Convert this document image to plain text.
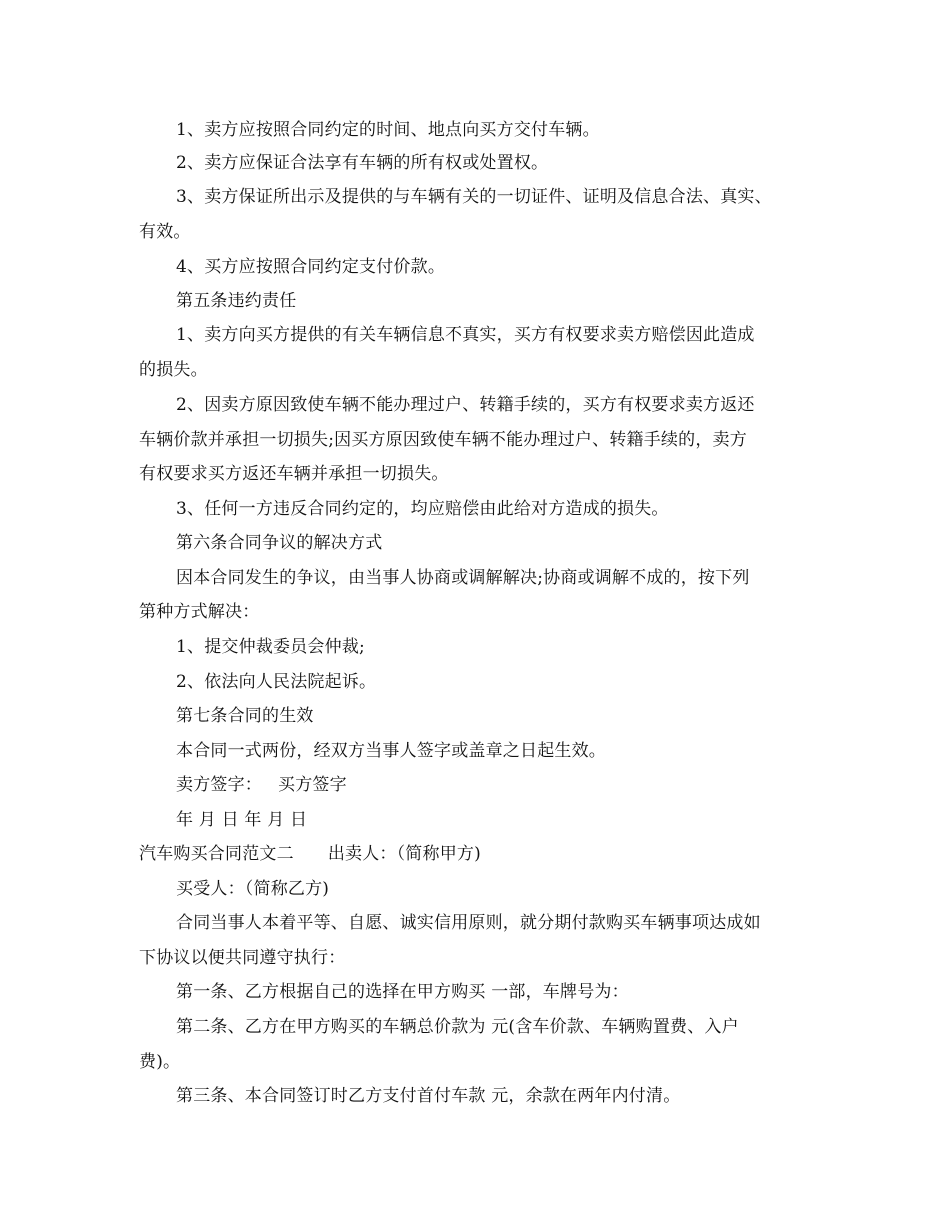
1、卖方应按照合同约定的时间、地点向买方交付车辆。
2、卖方应保证合法享有车辆的所有权或处置权。
3、卖方保证所出示及提供的与车辆有关的一切证件、证明及信息合法、真实、
有效。
4、买方应按照合同约定支付价款。
第五条违约责任
1、卖方向买方提供的有关车辆信息不真实，买方有权要求卖方赔偿因此造成
的损失。
2、因卖方原因致使车辆不能办理过户、转籍手续的，买方有权要求卖方返还
车辆价款并承担一切损失;因买方原因致使车辆不能办理过户、转籍手续的，卖方
有权要求买方返还车辆并承担一切损失。
3、任何一方违反合同约定的，均应赔偿由此给对方造成的损失。
第六条合同争议的解决方式
因本合同发生的争议，由当事人协商或调解解决;协商或调解不成的，按下列
第种方式解决：
1、提交仲裁委员会仲裁;
2、依法向人民法院起诉。
第七条合同的生效
本合同一式两份，经双方当事人签字或盖章之日起生效。
卖方签字： 买方签字
年 月 日 年 月 日
汽车购买合同范文二 出卖人：（简称甲方)
买受人：（简称乙方)
合同当事人本着平等、自愿、诚实信用原则，就分期付款购买车辆事项达成如
下协议以便共同遵守执行：
第一条、乙方根据自己的选择在甲方购买 一部，车牌号为：
第二条、乙方在甲方购买的车辆总价款为 元(含车价款、车辆购置费、入户
费)。
第三条、本合同签订时乙方支付首付车款 元，余款在两年内付清。
